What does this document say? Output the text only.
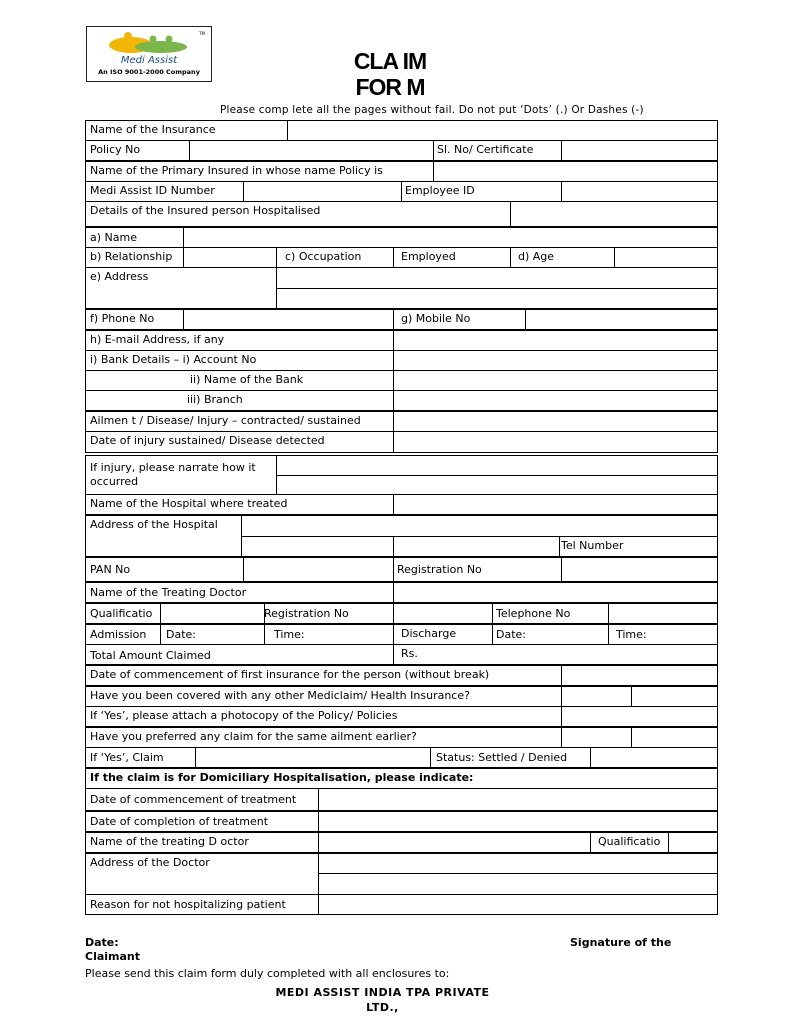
TM
Medi Assist
An ISO 9001-2000 Company	CLA IM
FOR M
Please comp lete all the pages without fail. Do not put ‘Dots’ (.) Or Dashes (-)
Name of the Insurance
Policy No	Sl. No/ Certificate
Name of the Primary Insured in whose name Policy is
Medi Assist ID Number	Employee ID
Details of the Insured person Hospitalised
a) Name
b) Relationship	c) Occupation	Employed	d) Age
e) Address
f) Phone No	g) Mobile No
h) E-mail Address, if any
i) Bank Details – i) Account No
ii) Name of the Bank
iii) Branch
Ailmen t / Disease/ Injury – contracted/ sustained
Date of injury sustained/ Disease detected
If injury, please narrate how it occurred
Name of the Hospital where treated
Address of the Hospital
Tel Number
PAN No	Registration No
Name of the Treating Doctor
Qualificatio	Registration No	Telephone No
Admission	Date:	Time:	Discharge	Date:	Time:
Total Amount Claimed	Rs.
Date of commencement of first insurance for the person (without break)
Have you been covered with any other Mediclaim/ Health Insurance?
If ‘Yes’, please attach a photocopy of the Policy/ Policies
Have you preferred any claim for the same ailment earlier?
If ‘Yes’, Claim	Status: Settled / Denied
If the claim is for Domiciliary Hospitalisation, please indicate:
Date of commencement of treatment
Date of completion of treatment
Name of the treating D octor	Qualificatio
Address of the Doctor
Reason for not hospitalizing patient
Date:	Signature of the
Claimant
Please send this claim form duly completed with all enclosures to:
MEDI ASSIST INDIA TPA PRIVATE
LTD.,
